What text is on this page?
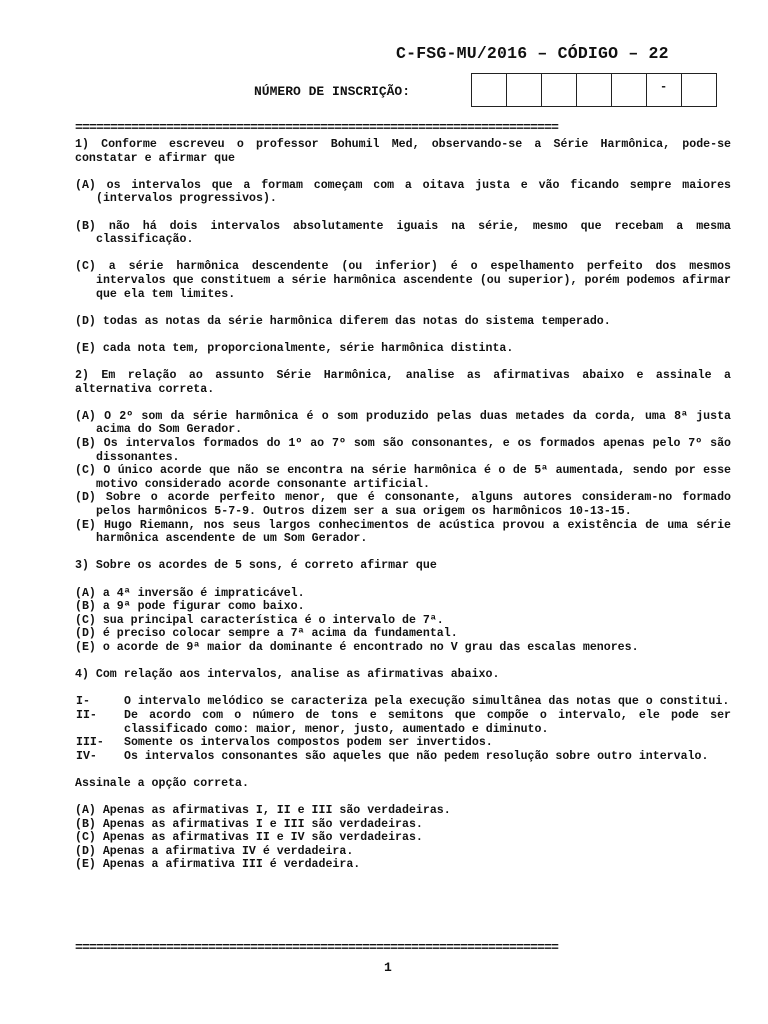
C-FSG-MU/2016 – CÓDIGO – 22
NÚMERO DE INSCRIÇÃO:	-
=====================================================================

1) Conforme escreveu o professor Bohumil Med, observando-se a Série Harmônica, pode-se constatar e afirmar que

(A) os intervalos que a formam começam com a oitava justa e vão ficando sempre maiores (intervalos progressivos).

(B) não há dois intervalos absolutamente iguais na série, mesmo que recebam a mesma classificação.

(C) a série harmônica descendente (ou inferior) é o espelhamento perfeito dos mesmos intervalos que constituem a série harmônica ascendente (ou superior), porém podemos afirmar que ela tem limites.

(D) todas as notas da série harmônica diferem das notas do sistema temperado.

(E) cada nota tem, proporcionalmente, série harmônica distinta.

2) Em relação ao assunto Série Harmônica, analise as afirmativas abaixo e assinale a alternativa correta.

(A) O 2º som da série harmônica é o som produzido pelas duas metades da corda, uma 8ª justa acima do Som Gerador.

(B) Os intervalos formados do 1º ao 7º som são consonantes, e os formados apenas pelo 7º são dissonantes.

(C) O único acorde que não se encontra na série harmônica é o de 5ª aumentada, sendo por esse motivo considerado acorde consonante artificial.

(D) Sobre o acorde perfeito menor, que é consonante, alguns autores consideram-no formado pelos harmônicos 5-7-9. Outros dizem ser a sua origem os harmônicos 10-13-15.

(E) Hugo Riemann, nos seus largos conhecimentos de acústica provou a existência de uma série harmônica ascendente de um Som Gerador.

3) Sobre os acordes de 5 sons, é correto afirmar que

(A) a 4ª inversão é impraticável.

(B) a 9ª pode figurar como baixo.

(C) sua principal característica é o intervalo de 7ª.

(D) é preciso colocar sempre a 7ª acima da fundamental.

(E) o acorde de 9ª maior da dominante é encontrado no V grau das escalas menores.

4) Com relação aos intervalos, analise as afirmativas abaixo.

I-	O intervalo melódico se caracteriza pela execução simultânea das notas que o constitui.
II-	De acordo com o número de tons e semitons que compõe o intervalo, ele pode ser classificado como: maior, menor, justo, aumentado e diminuto.
III-	Somente os intervalos compostos podem ser invertidos.
IV-	Os intervalos consonantes são aqueles que não pedem resolução sobre outro intervalo.

Assinale a opção correta.

(A) Apenas as afirmativas I, II e III são verdadeiras.

(B) Apenas as afirmativas I e III são verdadeiras.

(C) Apenas as afirmativas II e IV são verdadeiras.

(D) Apenas a afirmativa IV é verdadeira.

(E) Apenas a afirmativa III é verdadeira.

=====================================================================
1
